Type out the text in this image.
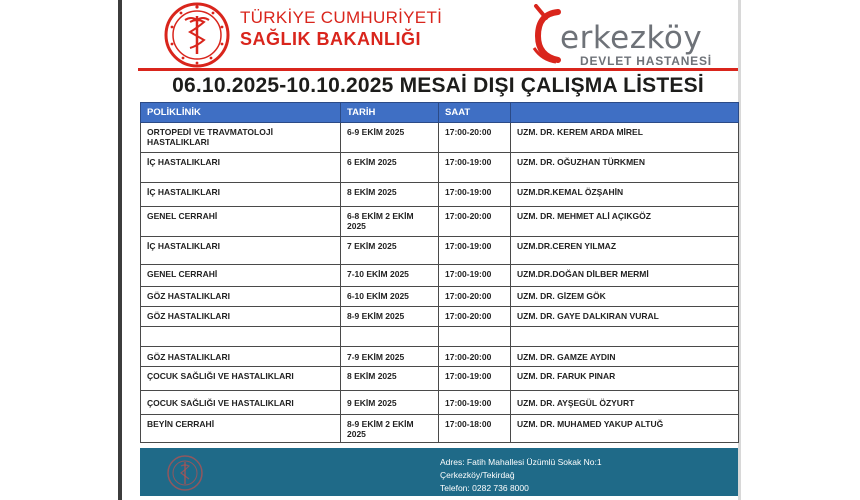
TÜRKİYE CUMHURİYETİ
SAĞLIK BAKANLIĞI	erkezköy
DEVLET HASTANESİ
06.10.2025-10.10.2025 MESAİ DIŞI ÇALIŞMA LİSTESİ
POLİKLİNİK	TARİH	SAAT	
ORTOPEDİ VE TRAVMATOLOJİ HASTALIKLARI	6-9 EKİM 2025	17:00-20:00	UZM. DR. KEREM ARDA MİREL
İÇ HASTALIKLARI	6 EKİM 2025	17:00-19:00	UZM. DR. OĞUZHAN TÜRKMEN
İÇ HASTALIKLARI	8 EKİM 2025	17:00-19:00	UZM.DR.KEMAL ÖZŞAHİN
GENEL CERRAHİ	6-8 EKİM 2 EKİM 2025	17:00-20:00	UZM. DR. MEHMET ALİ AÇIKGÖZ
İÇ HASTALIKLARI	7 EKİM 2025	17:00-19:00	UZM.DR.CEREN YILMAZ
GENEL CERRAHİ	7-10 EKİM 2025	17:00-19:00	UZM.DR.DOĞAN DİLBER MERMİ
GÖZ HASTALIKLARI	6-10 EKİM 2025	17:00-20:00	UZM. DR. GİZEM GÖK
GÖZ HASTALIKLARI	8-9 EKİM 2025	17:00-20:00	UZM. DR. GAYE DALKIRAN VURAL

GÖZ HASTALIKLARI	7-9 EKİM 2025	17:00-20:00	UZM. DR. GAMZE AYDIN
ÇOCUK SAĞLIĞI VE HASTALIKLARI	8 EKİM 2025	17:00-19:00	UZM. DR. FARUK PINAR
ÇOCUK SAĞLIĞI VE HASTALIKLARI	9 EKİM 2025	17:00-19:00	UZM. DR. AYŞEGÜL ÖZYURT
BEYİN CERRAHİ	8-9 EKİM 2 EKİM 2025	17:00-18:00	UZM. DR. MUHAMED YAKUP ALTUĞ
Adres: Fatih Mahallesi Üzümlü Sokak No:1
Çerkezköy/Tekirdağ
Telefon: 0282 736 8000
